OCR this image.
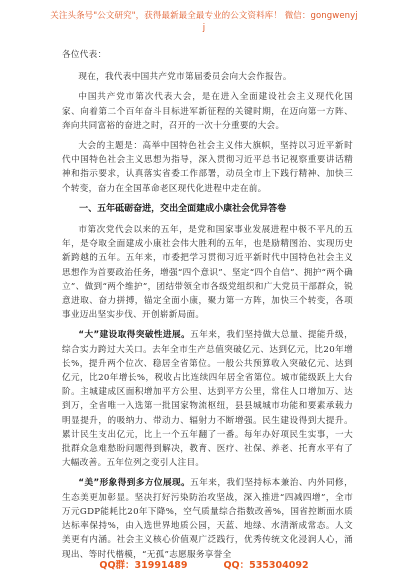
关注头条号"公文研究"，获得最新最全最专业的公文资料库！ 微信：gongwenyj
j

各位代表：

现在，我代表中国共产党市第届委员会向大会作报告。

中国共产党市第次代表大会，是在进入全面建设社会主义现代化国家、向着第二个百年奋斗目标进军新征程的关键时期，在迈向第一方阵、奔向共同富裕的奋进之时，召开的一次十分重要的大会。

大会的主题是：高举中国特色社会主义伟大旗帜，坚持以习近平新时代中国特色社会主义思想为指导，深入贯彻习近平总书记视察重要讲话精神和指示要求，认真落实省委工作部署，动员全市上下践行精神、加快三个转变，奋力在全国革命老区现代化进程中走在前。

一、五年砥砺奋进，交出全面建成小康社会优异答卷

市第次党代会以来的五年，是党和国家事业发展进程中极不平凡的五年，是夺取全面建成小康社会伟大胜利的五年，也是励精图治、实现历史新跨越的五年。五年来，市委把学习贯彻习近平新时代中国特色社会主义思想作为首要政治任务，增强“四个意识”、坚定“四个自信”、拥护“两个确立”、做到“两个维护”，团结带领全市各级党组织和广大党员干部群众，锐意进取、奋力拼搏，锚定全面小康，聚力第一方阵，加快三个转变，各项事业迈出坚实步伐、开创崭新局面。

“大”建设取得突破性进展。五年来，我们坚持做大总量、提能升级，综合实力跨过大关口。去年全市生产总值突破亿元、达到亿元，比20年增长%，提升两个位次、稳居全省第位。一般公共预算收入突破亿元、达到亿元，比20年增长%，税收占比连续四年居全省第位。城市能级跃上大台阶。主城建成区面积增加平方公里、达到平方公里，常住人口增加万、达到万，全省唯一入选第一批国家物流枢纽，县县城城市功能和要素承载力明显提升，的吸纳力、带动力、辐射力不断增强。民生建设得到大提升。累计民生支出亿元，比上一个五年翻了一番。每年办好项民生实事，一大批群众急难愁盼问题得到解决，教育、医疗、社保、养老、托育水平有了大幅改善。五年位列之变引人注目。

“美”形象得到多方位展现。五年来，我们坚持标本兼治、内外同修，生态美更加彰显。坚决打好污染防治攻坚战，深入推进“四减四增”，全市万元GDP能耗比20年下降%，空气质量综合指数改善%，国省控断面水质达标率保持%，由入选世界地质公园，天蓝、地绿、水清渐成常态。人文美更有内涵。社会主义核心价值观广泛践行，优秀传统文化浸润人心，涌现出、等时代楷模，“无孤”志愿服务享誉全

QQ群：31991489	QQ：535304092
